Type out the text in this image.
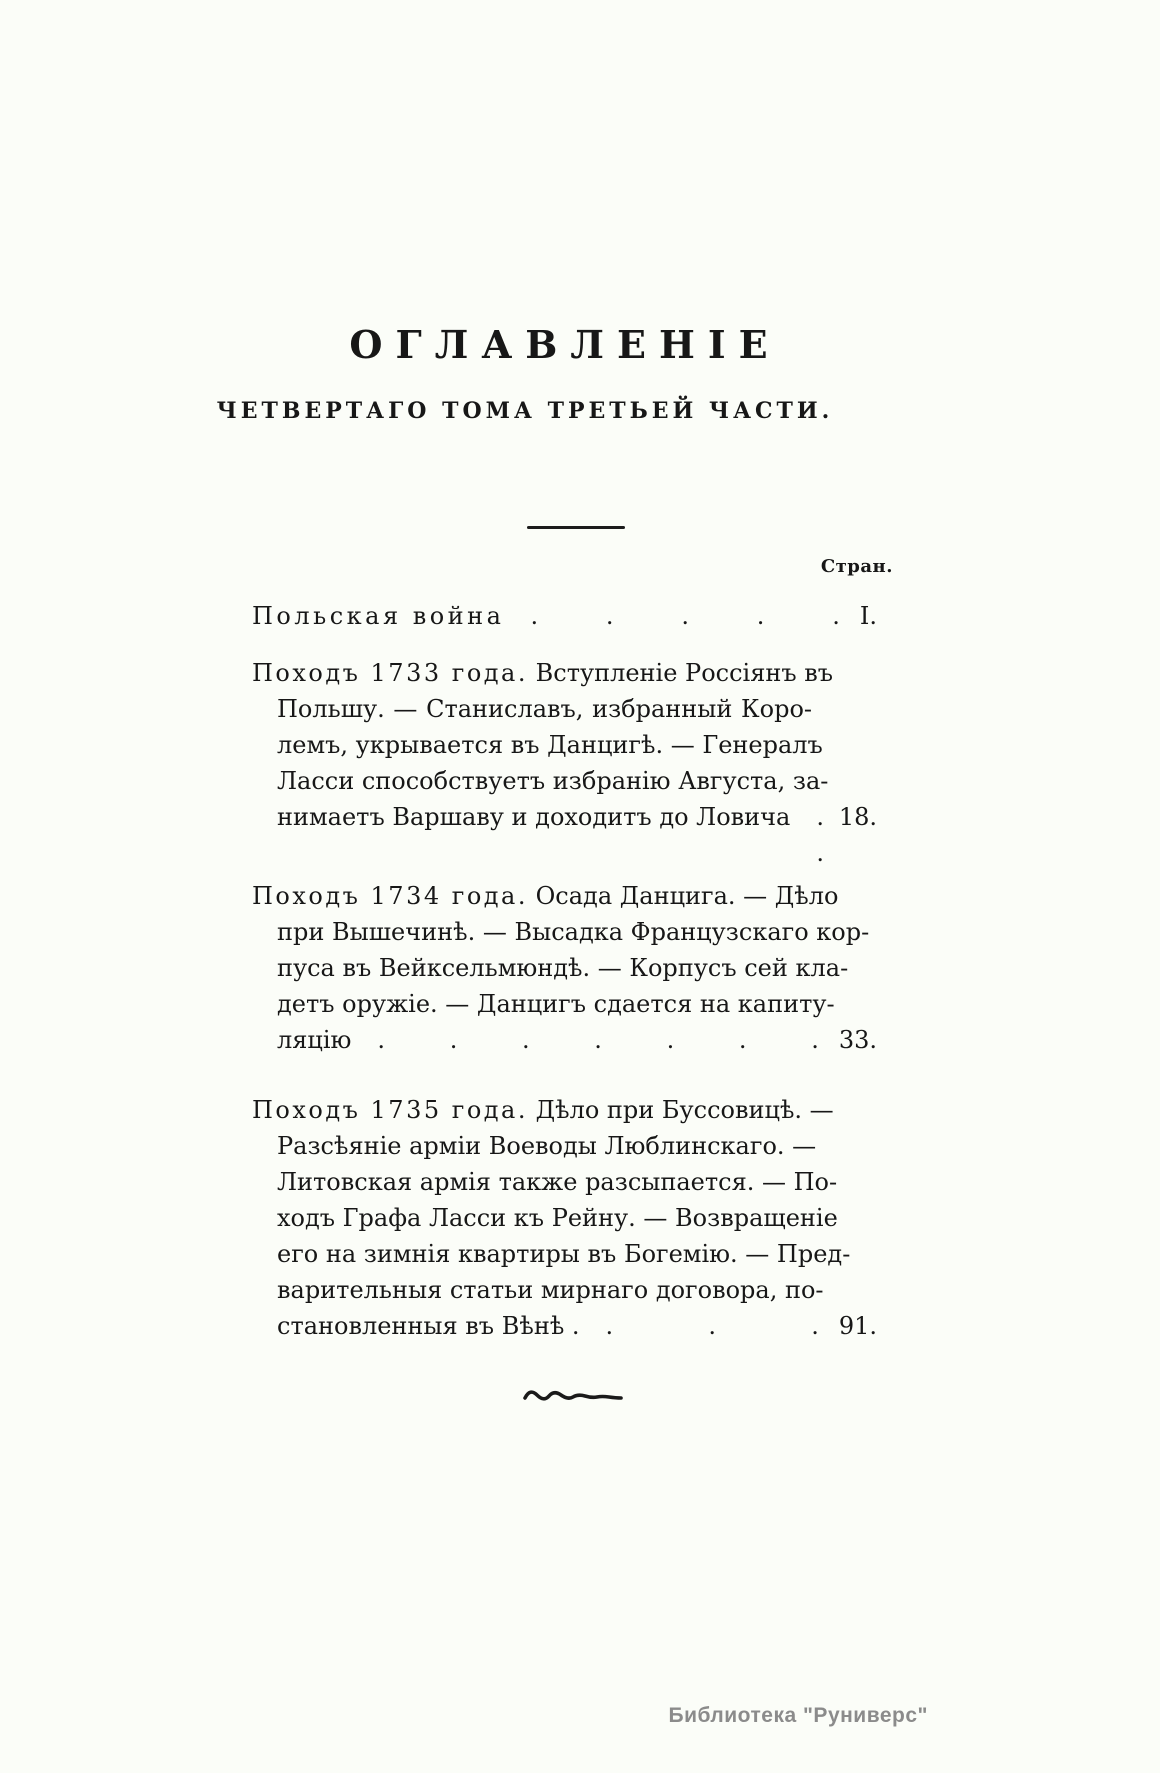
ОГЛАВЛЕНІЕ
ЧЕТВЕРТАГО ТОМА ТРЕТЬЕЙ ЧАСТИ.
Стран.
Польская война	. . . . . I.
Походъ 1733 года. Вступленіе Россіянъ въ
Польшу. — Станиславъ, избранный Коро-
лемъ, укрывается въ Данцигѣ. — Генералъ
Ласси способствуетъ избранію Августа, за-
нимаетъ Варшаву и доходитъ до Ловича	. .
18.
Походъ 1734 года. Осада Данцига. — Дѣло
при Вышечинѣ. — Высадка Французскаго кор-
пуса въ Вейксельмюндѣ. — Корпусъ сей кла-
детъ оружіе. — Данцигъ сдается на капиту-
ляцію	. . . . . . . 33.
Походъ 1735 года. Дѣло при Буссовицѣ. —
Разсѣяніе арміи Воеводы Люблинскаго. —
Литовская армія также разсыпается. — По-
ходъ Графа Ласси къ Рейну. — Возвращеніе
его на зимнія квартиры въ Богемію. — Пред-
варительныя статьи мирнаго договора, по-
становленныя въ Вѣнѣ .	. . . 91.
Библиотека "Руниверс"
